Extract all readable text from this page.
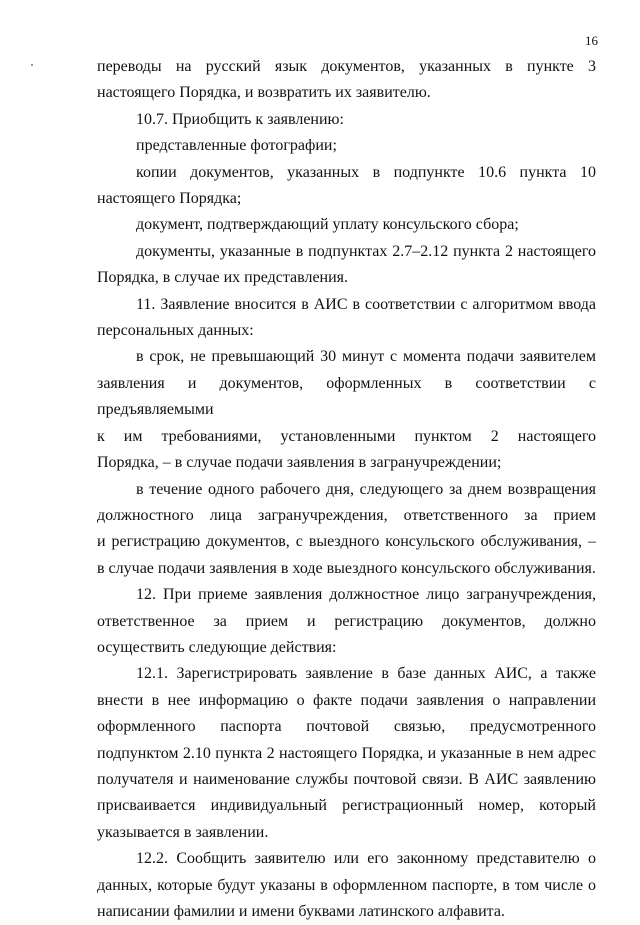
16

переводы на русский язык документов, указанных в пункте 3 настоящего Порядка, и возвратить их заявителю.

10.7. Приобщить к заявлению:

представленные фотографии;

копии документов, указанных в подпункте 10.6 пункта 10 настоящего Порядка;

документ, подтверждающий уплату консульского сбора;

документы, указанные в подпунктах 2.7–2.12 пункта 2 настоящего Порядка, в случае их представления.

11. Заявление вносится в АИС в соответствии с алгоритмом ввода персональных данных:

в срок, не превышающий 30 минут с момента подачи заявителем заявления и документов, оформленных в соответствии с предъявляемыми

к им требованиями, установленными пунктом 2 настоящего

Порядка, – в случае подачи заявления в загранучреждении;

в течение одного рабочего дня, следующего за днем возвращения

должностного лица загранучреждения, ответственного за прием

и регистрацию документов, с выездного консульского обслуживания, –

в случае подачи заявления в ходе выездного консульского обслуживания.

12. При приеме заявления должностное лицо загранучреждения, ответственное за прием и регистрацию документов, должно осуществить следующие действия:

12.1. Зарегистрировать заявление в базе данных АИС, а также внести в нее информацию о факте подачи заявления о направлении оформленного паспорта почтовой связью, предусмотренного подпунктом 2.10 пункта 2 настоящего Порядка, и указанные в нем адрес получателя и наименование службы почтовой связи. В АИС заявлению присваивается индивидуальный регистрационный номер, который указывается в заявлении.

12.2. Сообщить заявителю или его законному представителю о данных, которые будут указаны в оформленном паспорте, в том числе о написании фамилии и имени буквами латинского алфавита.
